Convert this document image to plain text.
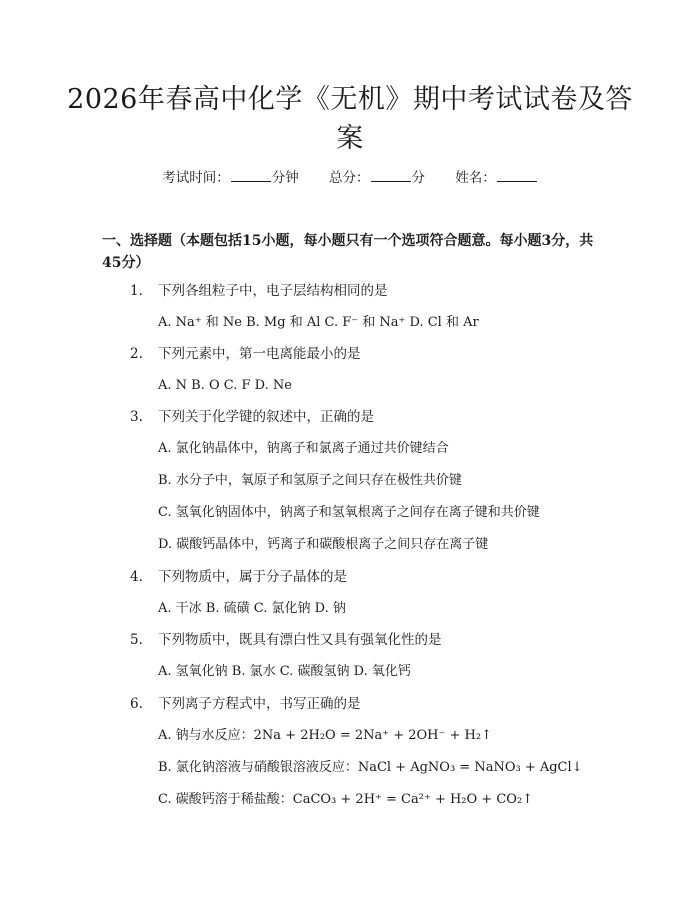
2026年春高中化学《无机》期中考试试卷及答案
考试时间：	分钟 总分：	分 姓名：
一、选择题（本题包括15小题，每小题只有一个选项符合题意。每小题3分，共45分）
1. 下列各组粒子中，电子层结构相同的是
A. Na⁺ 和 Ne B. Mg 和 Al C. F⁻ 和 Na⁺ D. Cl 和 Ar
2. 下列元素中，第一电离能最小的是
A. N B. O C. F D. Ne
3. 下列关于化学键的叙述中，正确的是
A. 氯化钠晶体中，钠离子和氯离子通过共价键结合
B. 水分子中，氧原子和氢原子之间只存在极性共价键
C. 氢氧化钠固体中，钠离子和氢氧根离子之间存在离子键和共价键
D. 碳酸钙晶体中，钙离子和碳酸根离子之间只存在离子键
4. 下列物质中，属于分子晶体的是
A. 干冰 B. 硫磺 C. 氯化钠 D. 钠
5. 下列物质中，既具有漂白性又具有强氧化性的是
A. 氢氧化钠 B. 氯水 C. 碳酸氢钠 D. 氧化钙
6. 下列离子方程式中，书写正确的是
A. 钠与水反应：2Na + 2H₂O = 2Na⁺ + 2OH⁻ + H₂↑
B. 氯化钠溶液与硝酸银溶液反应：NaCl + AgNO₃ = NaNO₃ + AgCl↓
C. 碳酸钙溶于稀盐酸：CaCO₃ + 2H⁺ = Ca²⁺ + H₂O + CO₂↑
